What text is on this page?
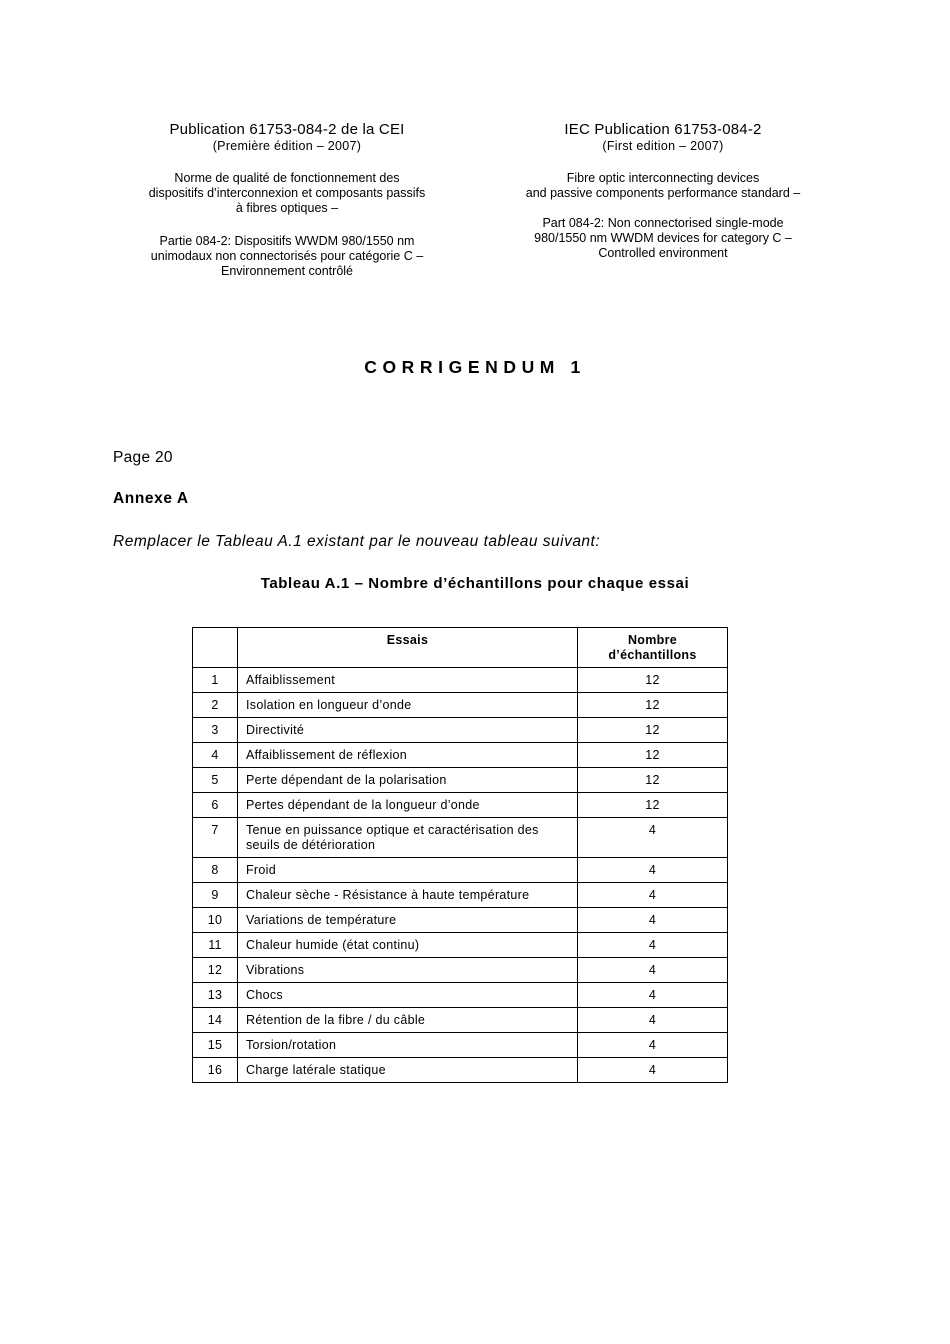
Publication 61753-084-2 de la CEI
(Première édition – 2007)
Norme de qualité de fonctionnement des
dispositifs d’interconnexion et composants passifs
à fibres optiques –
Partie 084-2: Dispositifs WWDM 980/1550 nm
unimodaux non connectorisés pour catégorie C –
Environnement contrôlé
IEC Publication 61753-084-2
(First edition – 2007)
Fibre optic interconnecting devices
and passive components performance standard –
Part 084-2: Non connectorised single-mode
980/1550 nm WWDM devices for category C –
Controlled environment
CORRIGENDUM 1
Page 20
Annexe A
Remplacer le Tableau A.1 existant par le nouveau tableau suivant:
Tableau A.1 – Nombre d’échantillons pour chaque essai
	Essais	Nombre
d’échantillons

1	Affaiblissement	12
2	Isolation en longueur d’onde	12
3	Directivité	12
4	Affaiblissement de réflexion	12
5	Perte dépendant de la polarisation	12
6	Pertes dépendant de la longueur d’onde	12
7	Tenue en puissance optique et caractérisation des seuils de détérioration	4
8	Froid	4
9	Chaleur sèche - Résistance à haute température	4
10	Variations de température	4
11	Chaleur humide (état continu)	4
12	Vibrations	4
13	Chocs	4
14	Rétention de la fibre / du câble	4
15	Torsion/rotation	4
16	Charge latérale statique	4
